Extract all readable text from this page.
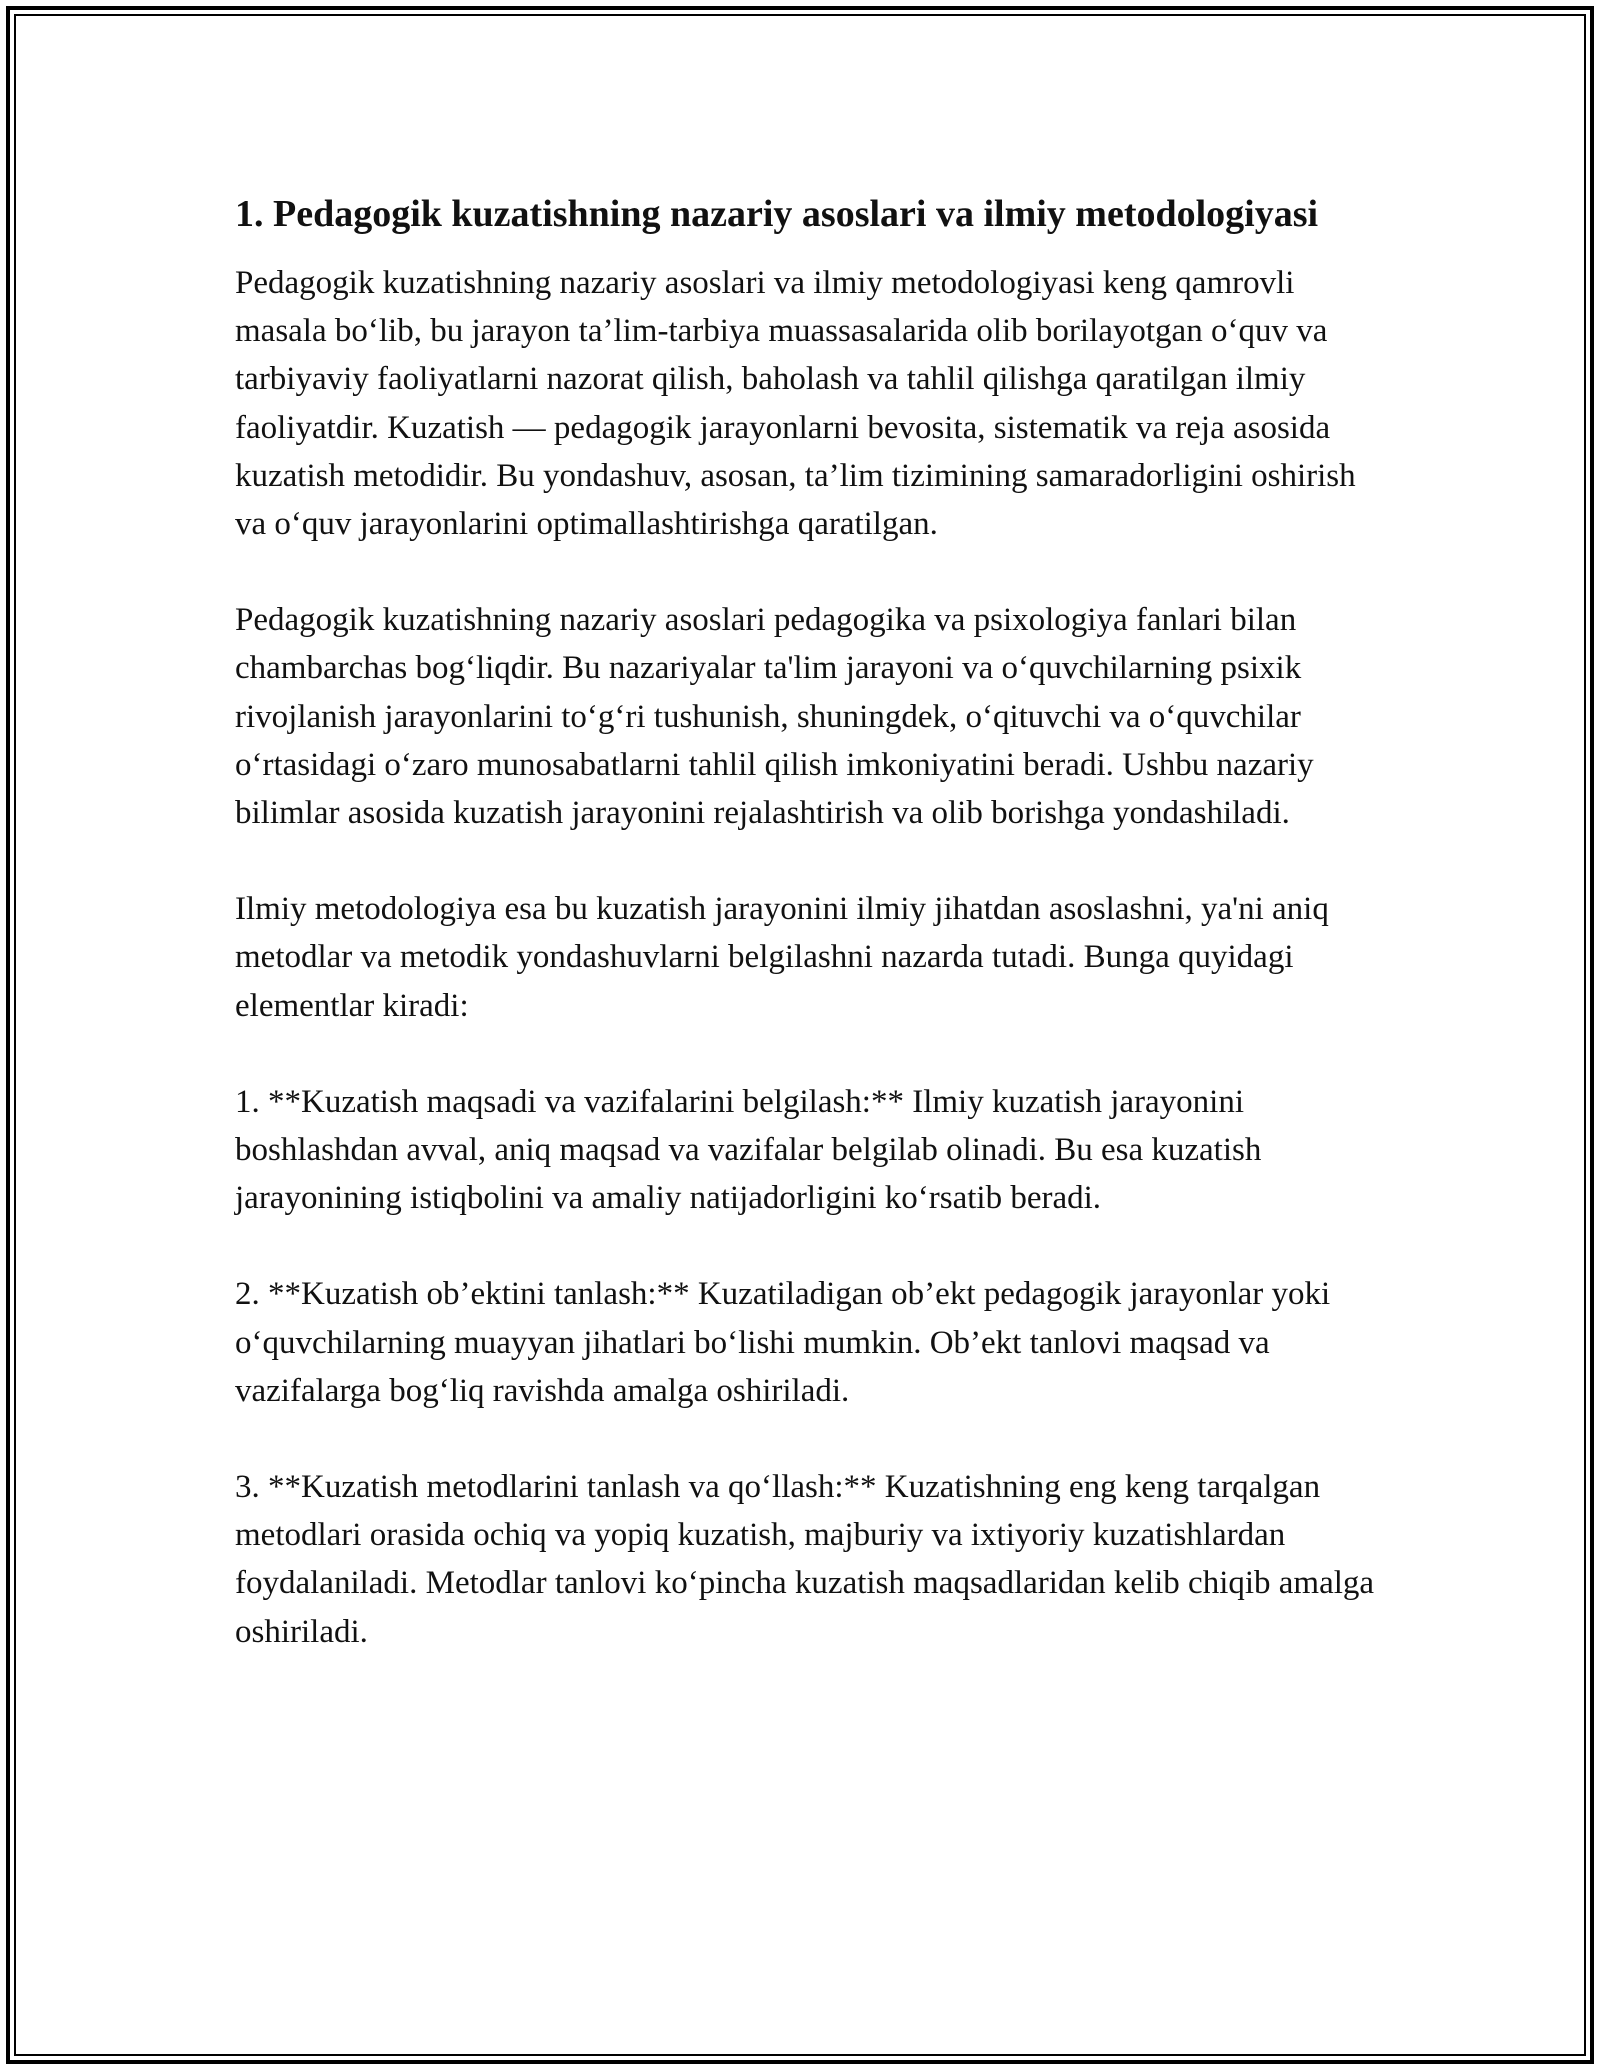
1. Pedagogik kuzatishning nazariy asoslari va ilmiy metodologiyasi

Pedagogik kuzatishning nazariy asoslari va ilmiy metodologiyasi keng qamrovli masala bo‘lib, bu jarayon ta’lim-tarbiya muassasalarida olib borilayotgan o‘quv va tarbiyaviy faoliyatlarni nazorat qilish, baholash va tahlil qilishga qaratilgan ilmiy faoliyatdir. Kuzatish — pedagogik jarayonlarni bevosita, sistematik va reja asosida kuzatish metodidir. Bu yondashuv, asosan, ta’lim tizimining samaradorligini oshirish va o‘quv jarayonlarini optimallashtirishga qaratilgan.

Pedagogik kuzatishning nazariy asoslari pedagogika va psixologiya fanlari bilan chambarchas bog‘liqdir. Bu nazariyalar ta'lim jarayoni va o‘quvchilarning psixik rivojlanish jarayonlarini to‘g‘ri tushunish, shuningdek, o‘qituvchi va o‘quvchilar o‘rtasidagi o‘zaro munosabatlarni tahlil qilish imkoniyatini beradi. Ushbu nazariy bilimlar asosida kuzatish jarayonini rejalashtirish va olib borishga yondashiladi.

Ilmiy metodologiya esa bu kuzatish jarayonini ilmiy jihatdan asoslashni, ya'ni aniq metodlar va metodik yondashuvlarni belgilashni nazarda tutadi. Bunga quyidagi elementlar kiradi:

1. **Kuzatish maqsadi va vazifalarini belgilash:** Ilmiy kuzatish jarayonini boshlashdan avval, aniq maqsad va vazifalar belgilab olinadi. Bu esa kuzatish jarayonining istiqbolini va amaliy natijadorligini ko‘rsatib beradi.

2. **Kuzatish ob’ektini tanlash:** Kuzatiladigan ob’ekt pedagogik jarayonlar yoki o‘quvchilarning muayyan jihatlari bo‘lishi mumkin. Ob’ekt tanlovi maqsad va vazifalarga bog‘liq ravishda amalga oshiriladi.

3. **Kuzatish metodlarini tanlash va qo‘llash:** Kuzatishning eng keng tarqalgan metodlari orasida ochiq va yopiq kuzatish, majburiy va ixtiyoriy kuzatishlardan foydalaniladi. Metodlar tanlovi ko‘pincha kuzatish maqsadlaridan kelib chiqib amalga oshiriladi.
